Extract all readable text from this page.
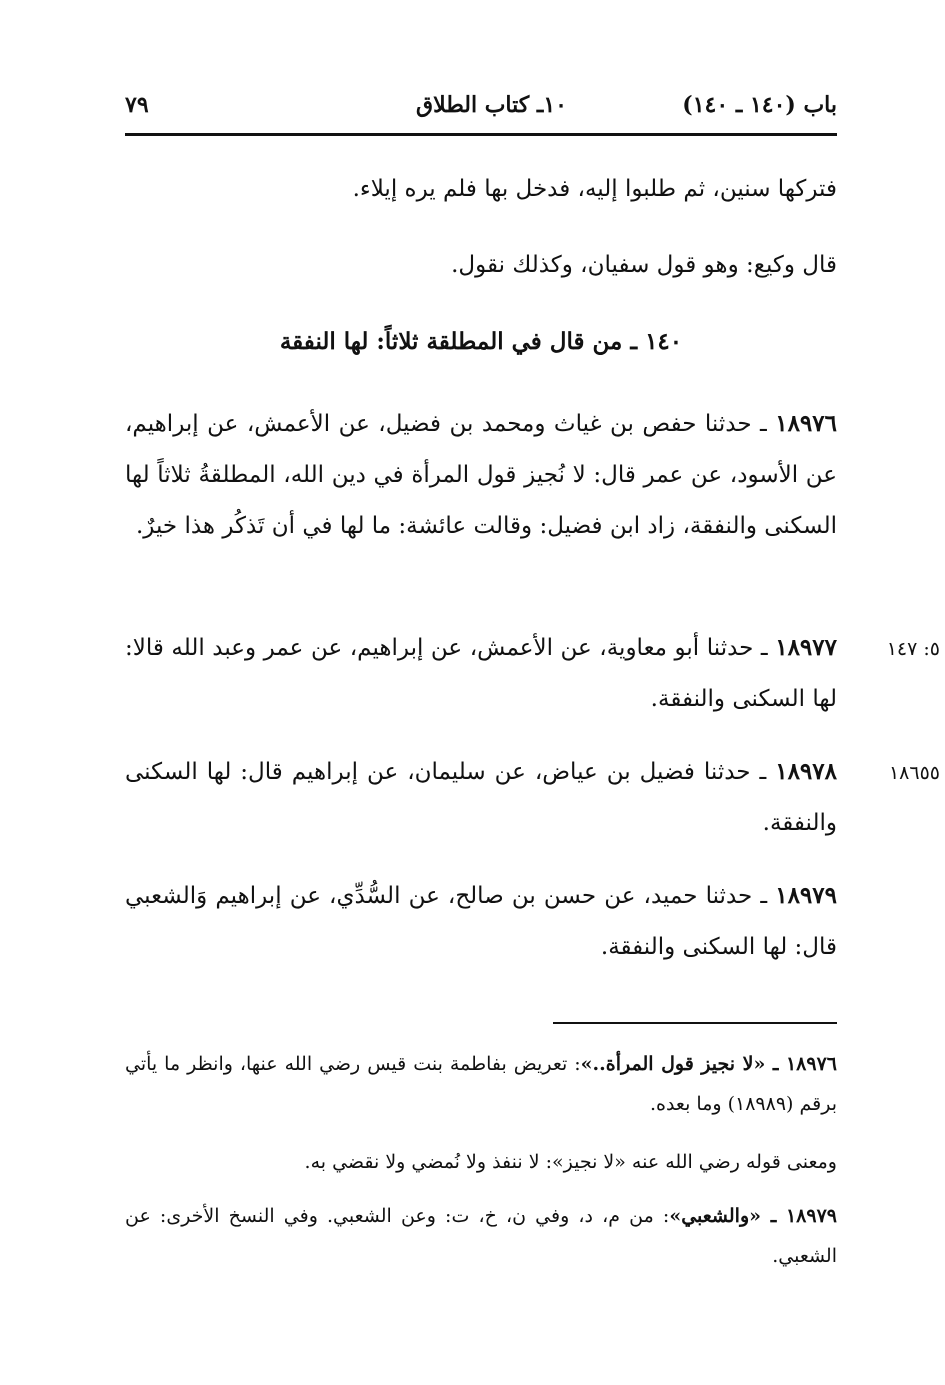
باب (١٤٠ ـ ١٤٠)
١٠ـ كتاب الطلاق
٧٩
فتركها سنين، ثم طلبوا إليه، فدخل بها فلم يره إيلاء.
قال وكيع: وهو قول سفيان، وكذلك نقول.
١٤٠ ـ من قال في المطلقة ثلاثاً: لها النفقة
١٨٩٧٦ ـ حدثنا حفص بن غياث ومحمد بن فضيل، عن الأعمش، عن إبراهيم، عن الأسود، عن عمر قال: لا نُجيز قول المرأة في دين الله، المطلقةُ ثلاثاً لها السكنى والنفقة، زاد ابن فضيل: وقالت عائشة: ما لها في أن تَذكُر هذا خيرٌ.
٥: ١٤٧
١٨٩٧٧ ـ حدثنا أبو معاوية، عن الأعمش، عن إبراهيم، عن عمر وعبد الله قالا: لها السكنى والنفقة.
١٨٦٥٥
١٨٩٧٨ ـ حدثنا فضيل بن عياض، عن سليمان، عن إبراهيم قال: لها السكنى والنفقة.
١٨٩٧٩ ـ حدثنا حميد، عن حسن بن صالح، عن السُّدِّي، عن إبراهيم وَالشعبي قال: لها السكنى والنفقة.
١٨٩٧٦ ـ «لا نجيز قول المرأة..»: تعريض بفاطمة بنت قيس رضي الله عنها، وانظر ما يأتي برقم (١٨٩٨٩) وما بعده.
ومعنى قوله رضي الله عنه «لا نجيز»: لا ننفذ ولا نُمضي ولا نقضي به.
١٨٩٧٩ ـ «والشعبي»: من م، د، وفي ن، خ، ت: وعن الشعبي. وفي النسخ الأخرى: عن الشعبي.
